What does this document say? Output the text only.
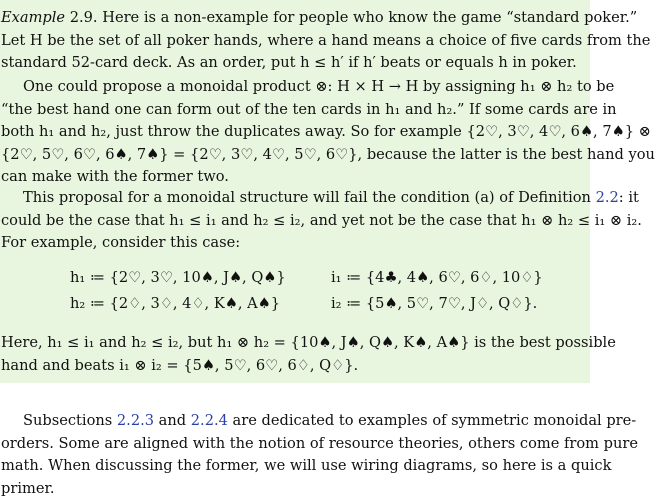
Example 2.9. Here is a non-example for people who know the game “standard poker.”
Let H be the set of all poker hands, where a hand means a choice of five cards from the
standard 52-card deck. As an order, put h ≤ h′ if h′ beats or equals h in poker.
One could propose a monoidal product ⊗: H × H → H by assigning h₁ ⊗ h₂ to be
“the best hand one can form out of the ten cards in h₁ and h₂.” If some cards are in
both h₁ and h₂, just throw the duplicates away. So for example {2♡, 3♡, 4♡, 6♠, 7♠} ⊗
{2♡, 5♡, 6♡, 6♠, 7♠} = {2♡, 3♡, 4♡, 5♡, 6♡}, because the latter is the best hand you
can make with the former two.
This proposal for a monoidal structure will fail the condition (a) of Definition 2.2: it
could be the case that h₁ ≤ i₁ and h₂ ≤ i₂, and yet not be the case that h₁ ⊗ h₂ ≤ i₁ ⊗ i₂.
For example, consider this case:
h₁ ≔ {2♡, 3♡, 10♠, J♠, Q♠}	i₁ ≔ {4♣, 4♠, 6♡, 6♢, 10♢}
h₂ ≔ {2♢, 3♢, 4♢, K♠, A♠}	i₂ ≔ {5♠, 5♡, 7♡, J♢, Q♢}.
Here, h₁ ≤ i₁ and h₂ ≤ i₂, but h₁ ⊗ h₂ = {10♠, J♠, Q♠, K♠, A♠} is the best possible
hand and beats i₁ ⊗ i₂ = {5♠, 5♡, 6♡, 6♢, Q♢}.
Subsections 2.2.3 and 2.2.4 are dedicated to examples of symmetric monoidal pre-
orders. Some are aligned with the notion of resource theories, others come from pure
math. When discussing the former, we will use wiring diagrams, so here is a quick
primer.
